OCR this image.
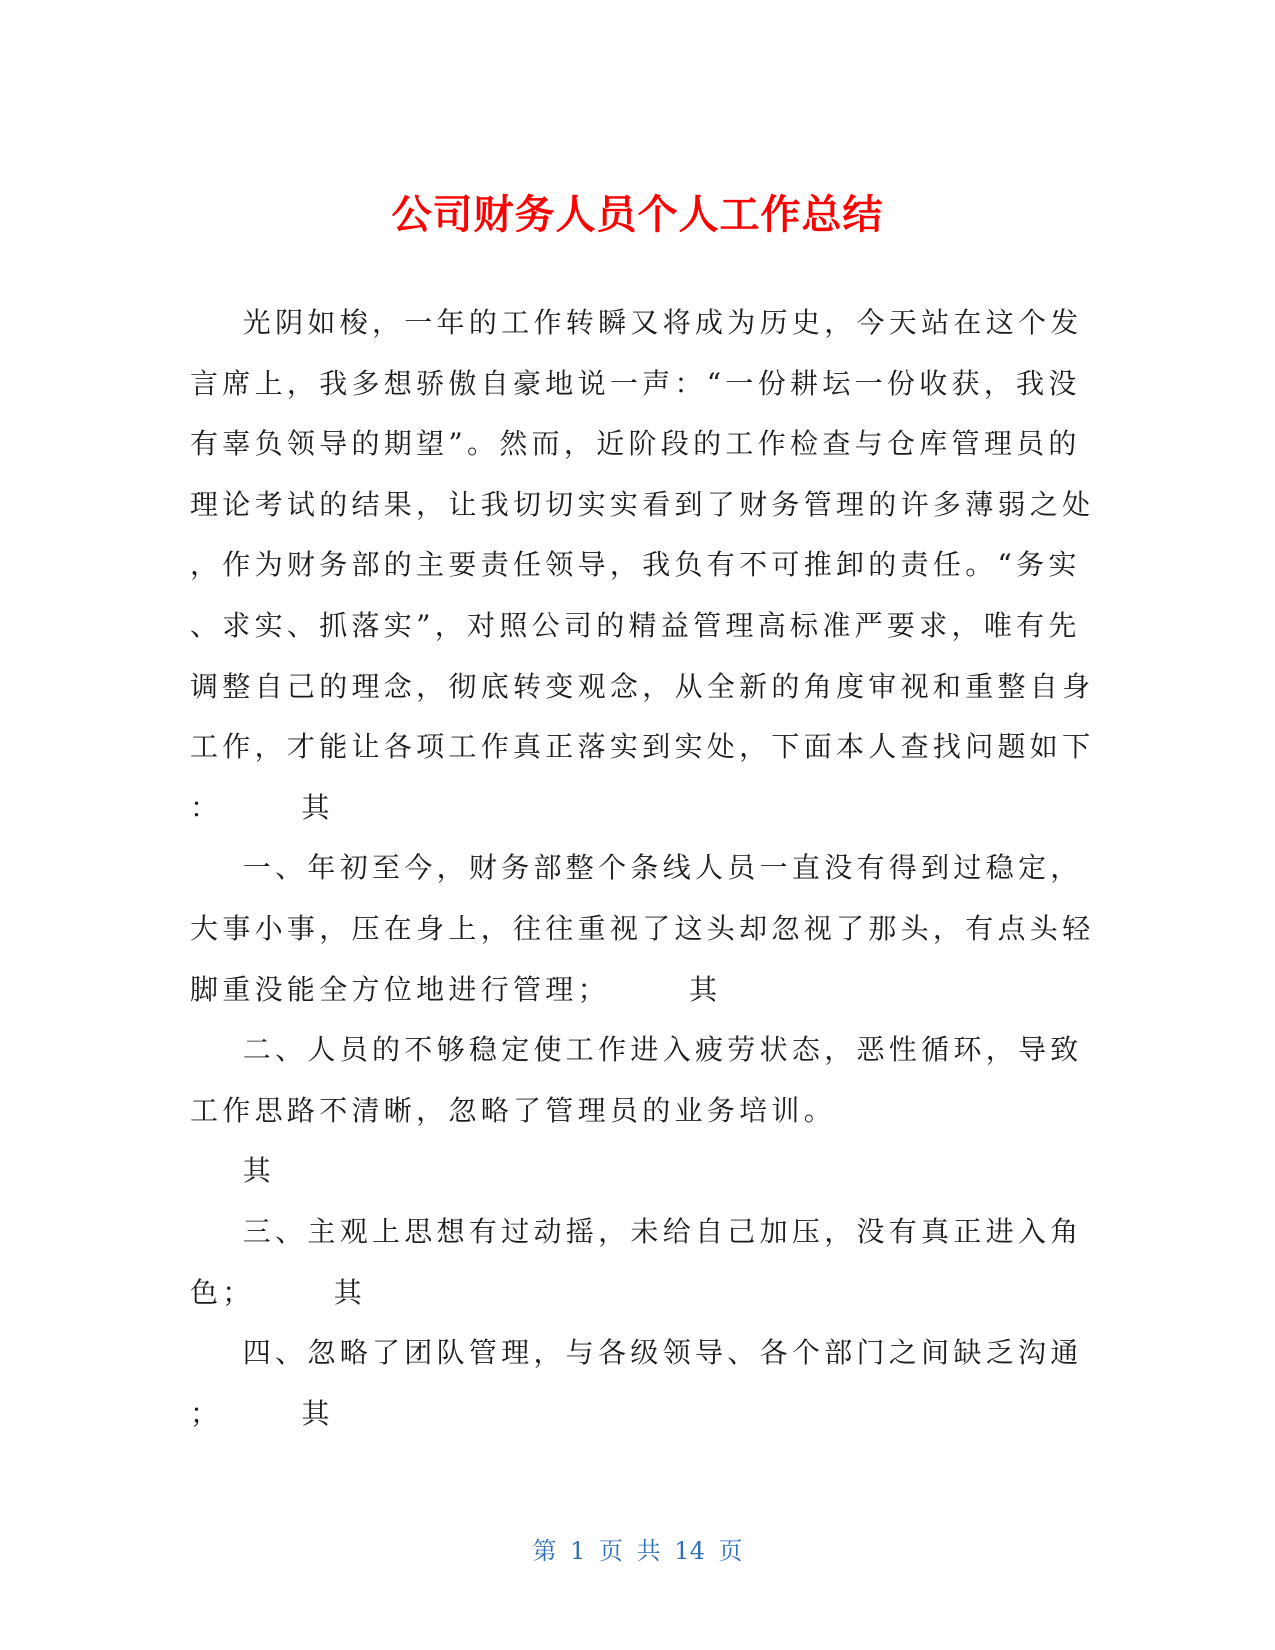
公司财务人员个人工作总结
光阴如梭，一年的工作转瞬又将成为历史，今天站在这个发
言席上，我多想骄傲自豪地说一声：“一份耕坛一份收获，我没
有辜负领导的期望”。然而，近阶段的工作检查与仓库管理员的
理论考试的结果，让我切切实实看到了财务管理的许多薄弱之处
，作为财务部的主要责任领导，我负有不可推卸的责任。“务实
、求实、抓落实”，对照公司的精益管理高标准严要求，唯有先
调整自己的理念，彻底转变观念，从全新的角度审视和重整自身
工作，才能让各项工作真正落实到实处，下面本人查找问题如下
：      其
一、年初至今，财务部整个条线人员一直没有得到过稳定，
大事小事，压在身上，往往重视了这头却忽视了那头，有点头轻
脚重没能全方位地进行管理；      其
二、人员的不够稳定使工作进入疲劳状态，恶性循环，导致
工作思路不清晰，忽略了管理员的业务培训。
其
三、主观上思想有过动摇，未给自己加压，没有真正进入角
色；      其
四、忽略了团队管理，与各级领导、各个部门之间缺乏沟通
；      其
第 1 页 共 14 页
